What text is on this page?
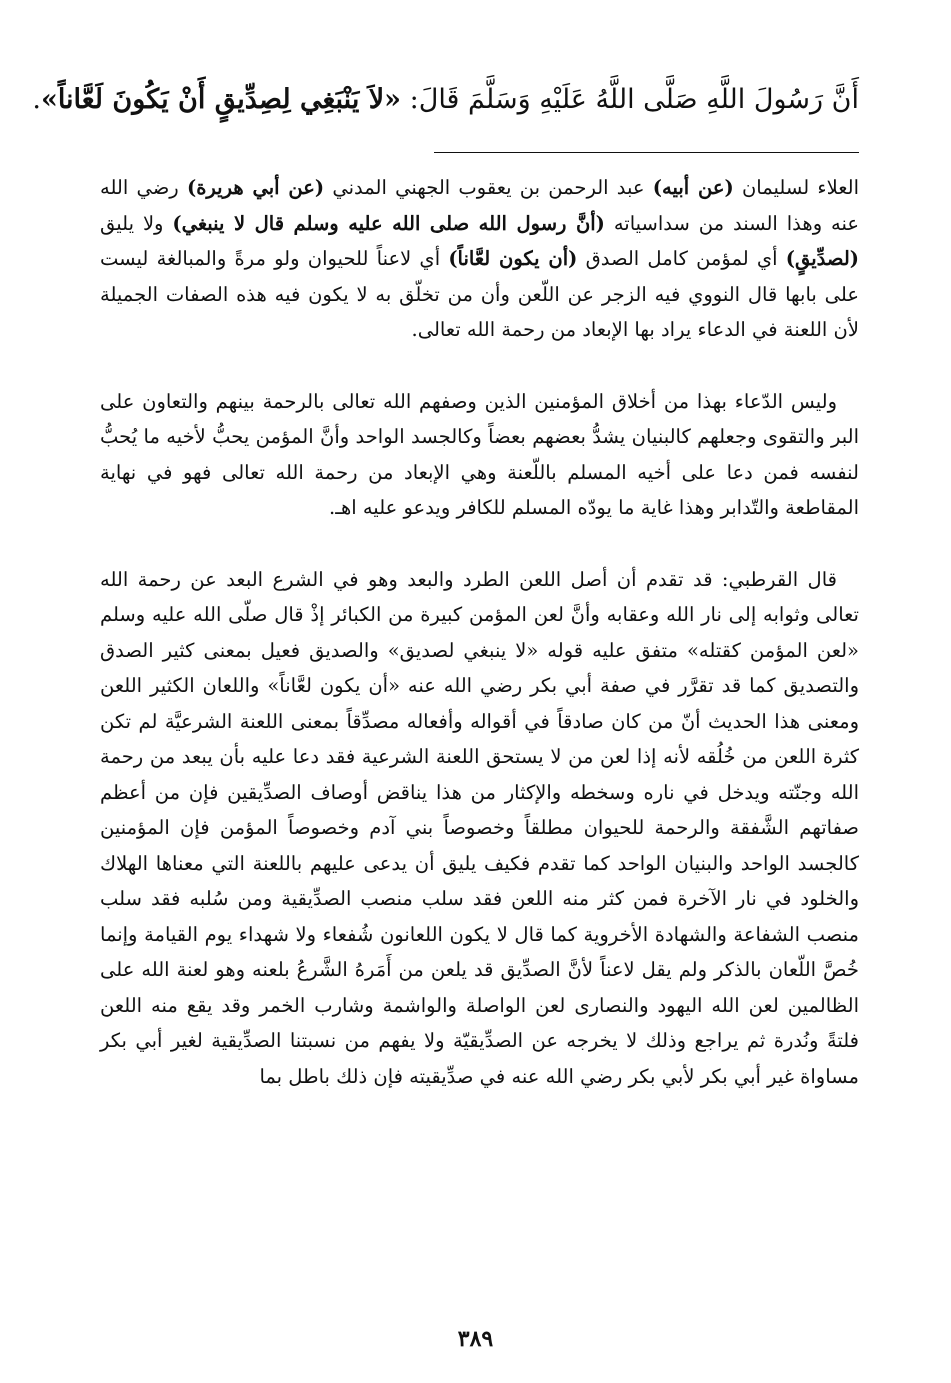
أَنَّ رَسُولَ اللَّهِ صَلَّى اللَّهُ عَلَيْهِ وَسَلَّمَ قَالَ: «لاَ يَنْبَغِي لِصِدِّيقٍ أَنْ يَكُونَ لَعَّاناً».

العلاء لسليمان (عن أبيه) عبد الرحمن بن يعقوب الجهني المدني (عن أبي هريرة) رضي الله عنه وهذا السند من سداسياته (أنَّ رسول الله صلى الله عليه وسلم قال لا ينبغي) ولا يليق (لصدِّيقٍ) أي لمؤمن كامل الصدق (أن يكون لعَّاناً) أي لاعناً للحيوان ولو مرةً والمبالغة ليست على بابها قال النووي فيه الزجر عن اللّعن وأن من تخلّق به لا يكون فيه هذه الصفات الجميلة لأن اللعنة في الدعاء يراد بها الإبعاد من رحمة الله تعالى.

وليس الدّعاء بهذا من أخلاق المؤمنين الذين وصفهم الله تعالى بالرحمة بينهم والتعاون على البر والتقوى وجعلهم كالبنيان يشدُّ بعضهم بعضاً وكالجسد الواحد وأنَّ المؤمن يحبُّ لأخيه ما يُحبُّ لنفسه فمن دعا على أخيه المسلم باللّعنة وهي الإبعاد من رحمة الله تعالى فهو في نهاية المقاطعة والتّدابر وهذا غاية ما يودّه المسلم للكافر ويدعو عليه اهـ.

قال القرطبي: قد تقدم أن أصل اللعن الطرد والبعد وهو في الشرع البعد عن رحمة الله تعالى وثوابه إلى نار الله وعقابه وأنَّ لعن المؤمن كبيرة من الكبائر إذْ قال صلّى الله عليه وسلم «لعن المؤمن كقتله» متفق عليه قوله «لا ينبغي لصديق» والصديق فعيل بمعنى كثير الصدق والتصديق كما قد تقرَّر في صفة أبي بكر رضي الله عنه «أن يكون لعَّاناً» واللعان الكثير اللعن ومعنى هذا الحديث أنّ من كان صادقاً في أقواله وأفعاله مصدِّقاً بمعنى اللعنة الشرعيَّة لم تكن كثرة اللعن من خُلُقه لأنه إذا لعن من لا يستحق اللعنة الشرعية فقد دعا عليه بأن يبعد من رحمة الله وجنّته ويدخل في ناره وسخطه والإكثار من هذا يناقض أوصاف الصدِّيقين فإن من أعظم صفاتهم الشَّفقة والرحمة للحيوان مطلقاً وخصوصاً بني آدم وخصوصاً المؤمن فإن المؤمنين كالجسد الواحد والبنيان الواحد كما تقدم فكيف يليق أن يدعى عليهم باللعنة التي معناها الهلاك والخلود في نار الآخرة فمن كثر منه اللعن فقد سلب منصب الصدِّيقية ومن سُلبه فقد سلب منصب الشفاعة والشهادة الأخروية كما قال لا يكون اللعانون شُفعاء ولا شهداء يوم القيامة وإنما خُصَّ اللّعان بالذكر ولم يقل لاعناً لأنَّ الصدِّيق قد يلعن من أَمَرهُ الشَّرعُ بلعنه وهو لعنة الله على الظالمين لعن الله اليهود والنصارى لعن الواصلة والواشمة وشارب الخمر وقد يقع منه اللعن فلتةً ونُدرة ثم يراجع وذلك لا يخرجه عن الصدِّيقيّة ولا يفهم من نسبتنا الصدِّيقية لغير أبي بكر مساواة غير أبي بكر لأبي بكر رضي الله عنه في صدِّيقيته فإن ذلك باطل بما

٣٨٩
